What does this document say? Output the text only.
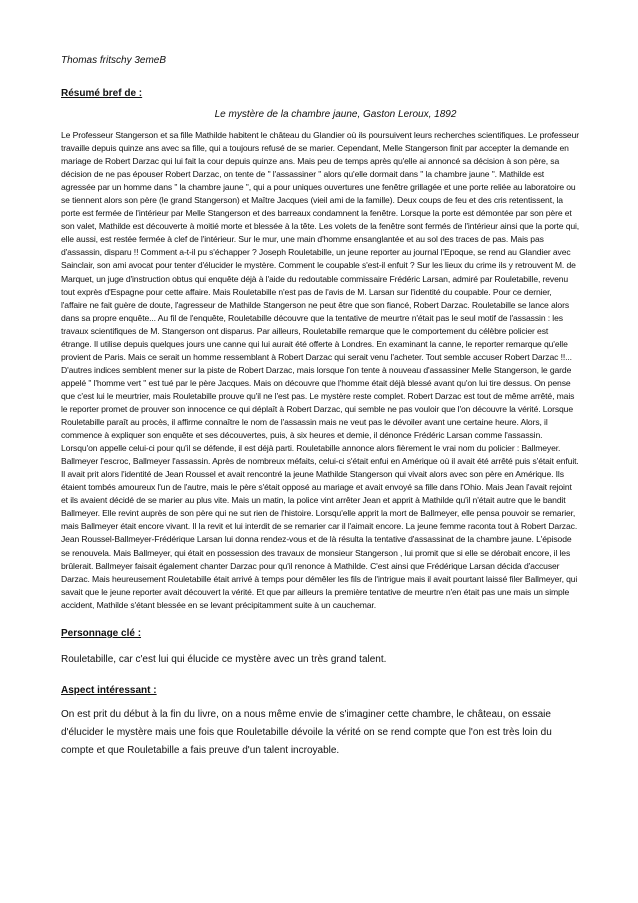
Thomas fritschy 3emeB

Résumé bref de :

Le mystère de la chambre jaune, Gaston Leroux, 1892

Le Professeur Stangerson et sa fille Mathilde habitent le château du Glandier où ils poursuivent leurs recherches scientifiques. Le professeur travaille depuis quinze ans avec sa fille, qui a toujours refusé de se marier. Cependant, Melle Stangerson finit par accepter la demande en mariage de Robert Darzac qui lui fait la cour depuis quinze ans. Mais peu de temps après qu'elle ai annoncé sa décision à son père, sa décision de ne pas épouser Robert Darzac, on tente de " l'assassiner " alors qu'elle dormait dans " la chambre jaune ". Mathilde est agressée par un homme dans " la chambre jaune ", qui a pour uniques ouvertures une fenêtre grillagée et une porte reliée au laboratoire ou se tiennent alors son père (le grand Stangerson) et Maître Jacques (vieil ami de la famille). Deux coups de feu et des cris retentissent, la porte est fermée de l'intérieur par Melle Stangerson et des barreaux condamnent la fenêtre. Lorsque la porte est démontée par son père et son valet, Mathilde est découverte à moitié morte et blessée à la tête. Les volets de la fenêtre sont fermés de l'intérieur ainsi que la porte qui, elle aussi, est restée fermée à clef de l'intérieur. Sur le mur, une main d'homme ensanglantée et au sol des traces de pas. Mais pas d'assassin, disparu !! Comment a-t-il pu s'échapper ? Joseph Rouletabille, un jeune reporter au journal l'Epoque, se rend au Glandier avec Sainclair, son ami avocat pour tenter d'élucider le mystère. Comment le coupable s'est-il enfuit ? Sur les lieux du crime ils y retrouvent M. de Marquet, un juge d'instruction obtus qui enquête déjà à l'aide du redoutable commissaire Frédéric Larsan, admiré par Rouletabille, revenu tout exprès d'Espagne pour cette affaire. Mais Rouletabille n'est pas de l'avis de M. Larsan sur l'identité du coupable. Pour ce dernier, l'affaire ne fait guère de doute, l'agresseur de Mathilde Stangerson ne peut être que son fiancé, Robert Darzac. Rouletabille se lance alors dans sa propre enquête... Au fil de l'enquête, Rouletabille découvre que la tentative de meurtre n'était pas le seul motif de l'assassin : les travaux scientifiques de M. Stangerson ont disparus. Par ailleurs, Rouletabille remarque que le comportement du célèbre policier est étrange. Il utilise depuis quelques jours une canne qui lui aurait été offerte à Londres. En examinant la canne, le reporter remarque qu'elle provient de Paris. Mais ce serait un homme ressemblant à Robert Darzac qui serait venu l'acheter. Tout semble accuser Robert Darzac !!... D'autres indices semblent mener sur la piste de Robert Darzac, mais lorsque l'on tente à nouveau d'assassiner Melle Stangerson, le garde appelé " l'homme vert " est tué par le père Jacques. Mais on découvre que l'homme était déjà blessé avant qu'on lui tire dessus. On pense que c'est lui le meurtrier, mais Rouletabille prouve qu'il ne l'est pas. Le mystère reste complet. Robert Darzac est tout de même arrêté, mais le reporter promet de prouver son innocence ce qui déplaît à Robert Darzac, qui semble ne pas vouloir que l'on découvre la vérité. Lorsque Rouletabille paraît au procès, il affirme connaître le nom de l'assassin mais ne veut pas le dévoiler avant une certaine heure. Alors, il commence à expliquer son enquête et ses découvertes, puis, à six heures et demie, il dénonce Frédéric Larsan comme l'assassin. Lorsqu'on appelle celui-ci pour qu'il se défende, il est déjà parti. Rouletabille annonce alors fièrement le vrai nom du policier : Ballmeyer. Ballmeyer l'escroc, Ballmeyer l'assassin. Après de nombreux méfaits, celui-ci s'était enfui en Amérique où il avait été arrêté puis s'était enfuit. Il avait prit alors l'identité de Jean Roussel et avait rencontré la jeune Mathilde Stangerson qui vivait alors avec son père en Amérique. Ils étaient tombés amoureux l'un de l'autre, mais le père s'était opposé au mariage et avait envoyé sa fille dans l'Ohio. Mais Jean l'avait rejoint et ils avaient décidé de se marier au plus vite. Mais un matin, la police vint arrêter Jean et apprit à Mathilde qu'il n'était autre que le bandit Ballmeyer. Elle revint auprès de son père qui ne sut rien de l'histoire. Lorsqu'elle apprit la mort de Ballmeyer, elle pensa pouvoir se remarier, mais Ballmeyer était encore vivant. Il la revit et lui interdit de se remarier car il l'aimait encore. La jeune femme raconta tout à Robert Darzac. Jean Roussel-Ballmeyer-Frédérique Larsan lui donna rendez-vous et de là résulta la tentative d'assassinat de la chambre jaune. L'épisode se renouvela. Mais Ballmeyer, qui était en possession des travaux de monsieur Stangerson , lui promit que si elle se dérobait encore, il les brûlerait. Ballmeyer faisait également chanter Darzac pour qu'il renonce à Mathilde. C'est ainsi que Frédérique Larsan décida d'accuser Darzac. Mais heureusement Rouletabille était arrivé à temps pour démêler les fils de l'intrigue mais il avait pourtant laissé filer Ballmeyer, qui savait que le jeune reporter avait découvert la vérité. Et que par ailleurs la première tentative de meurtre n'en était pas une mais un simple accident, Mathilde s'étant blessée en se levant précipitamment suite à un cauchemar.

Personnage clé :

Rouletabille, car c'est lui qui élucide ce mystère avec un très grand talent.

Aspect intéressant :

On est prit du début à la fin du livre, on a nous même envie de s'imaginer cette chambre, le château, on essaie d'élucider le mystère mais une fois que Rouletabille dévoile la vérité on se rend compte que l'on est très loin du compte et que Rouletabille a fais preuve d'un talent incroyable.
